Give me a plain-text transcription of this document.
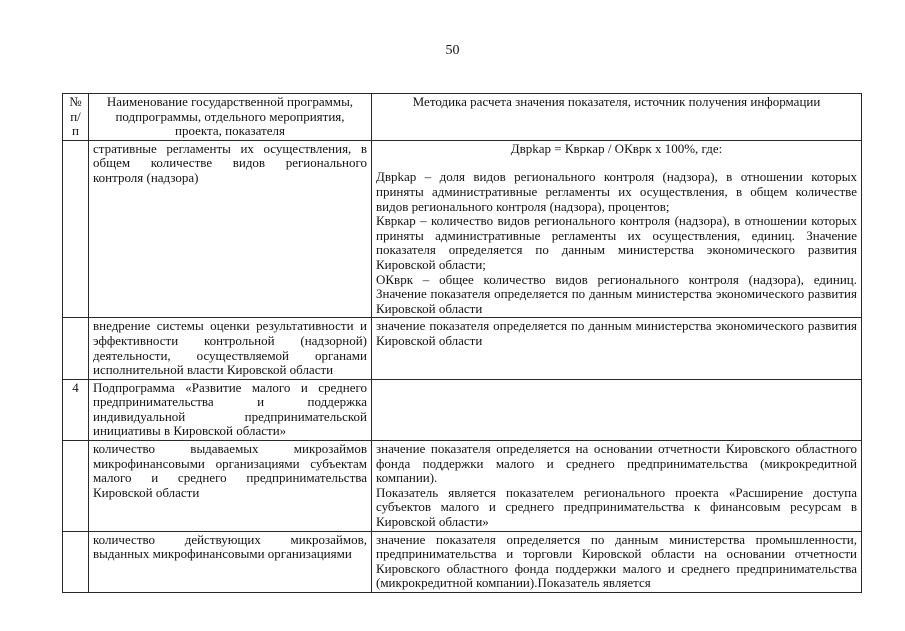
50
№ п/п	Наименование государственной программы, подпрограммы, отдельного мероприятия, проекта, показателя	Методика расчета значения показателя, источник получения информации
	стративные регламенты их осуществления, в общем количестве видов регионального контроля (надзора)	Дврkap = Квркар / ОКврк х 100%, где:
Дврkap – доля видов регионального контроля (надзора), в отношении которых приняты административные регламенты их осуществления, в общем количестве видов регионального контроля (надзора), процентов;
Квркар – количество видов регионального контроля (надзора), в отношении которых приняты административные регламенты их осуществления, единиц. Значение показателя определяется по данным министерства экономического развития Кировской области;
ОКврк – общее количество видов регионального контроля (надзора), единиц. Значение показателя определяется по данным министерства экономического развития Кировской области

	внедрение системы оценки результативности и эффективности контрольной (надзорной) деятельности, осуществляемой органами исполнительной власти Кировской области	значение показателя определяется по данным министерства экономического развития Кировской области

4	Подпрограмма «Развитие малого и среднего предпринимательства и поддержка индивидуальной предпринимательской инициативы в Кировской области»	

	количество выдаваемых микрозаймов микрофинансовыми организациями субъектам малого и среднего предпринимательства Кировской области	значение показателя определяется на основании отчетности Кировского областного фонда поддержки малого и среднего предпринимательства (микрокредитной компании).
Показатель является показателем регионального проекта «Расширение доступа субъектов малого и среднего предпринимательства к финансовым ресурсам в Кировской области»

	количество действующих микрозаймов, выданных микрофинансовыми организациями	значение показателя определяется по данным министерства промышленности, предпринимательства и торговли Кировской области на основании отчетности Кировского областного фонда поддержки малого и среднего предпринимательства (микрокредитной компании).Показатель является
